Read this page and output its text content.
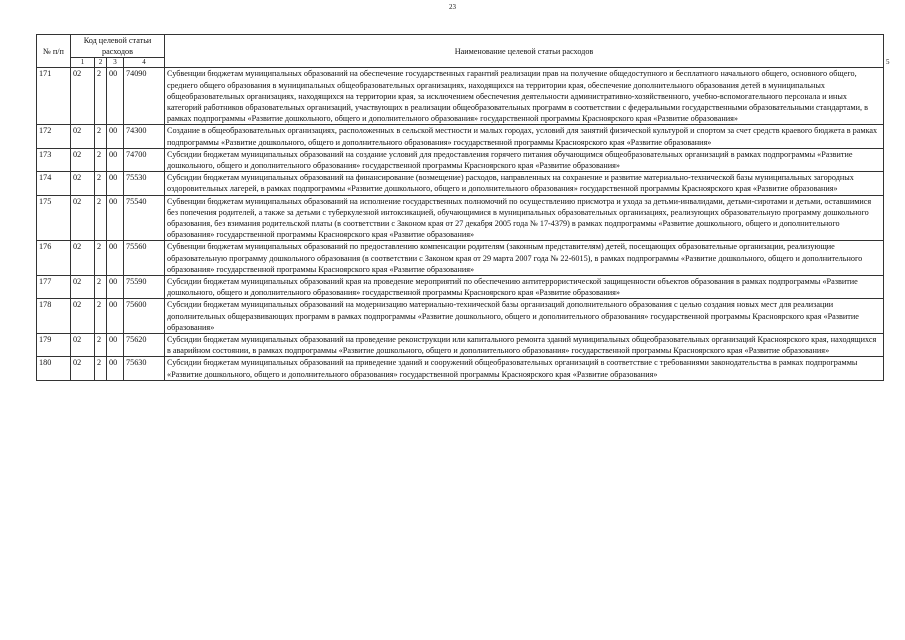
23
№ п/п	Код целевой статьи расходов				Наименование целевой статьи расходов	
	1	2	3	4		5
171	02	2	00	74090	Субвенции бюджетам муниципальных образований на обеспечение государственных гарантий реализации прав на получение общедоступного и бесплатного начального общего, основного общего, среднего общего образования в муниципальных общеобразовательных организациях, находящихся на территории края, обеспечение дополнительного образования детей в муниципальных общеобразовательных организациях, находящихся на территории края, за исключением обеспечения деятельности административно-хозяйственного, учебно-вспомогательного персонала и иных категорий работников образовательных организаций, участвующих в реализации общеобразовательных программ в соответствии с федеральными государственными образовательными стандартами, в рамках подпрограммы «Развитие дошкольного, общего и дополнительного образования» государственной программы Красноярского края «Развитие образования»	
172	02	2	00	74300	Создание в общеобразовательных организациях, расположенных в сельской местности и малых городах, условий для занятий физической культурой и спортом за счет средств краевого бюджета в рамках подпрограммы «Развитие дошкольного, общего и дополнительного образования» государственной программы Красноярского края «Развитие образования»	
173	02	2	00	74700	Субсидии бюджетам муниципальных образований на создание условий для предоставления горячего питания обучающимся общеобразовательных организаций в рамках подпрограммы «Развитие дошкольного, общего и дополнительного образования» государственной программы Красноярского края «Развитие образования»	
174	02	2	00	75530	Субсидии бюджетам муниципальных образований на финансирование (возмещение) расходов, направленных на сохранение и развитие материально-технической базы муниципальных загородных оздоровительных лагерей, в рамках подпрограммы «Развитие дошкольного, общего и дополнительного образования» государственной программы Красноярского края «Развитие образования»	
175	02	2	00	75540	Субвенции бюджетам муниципальных образований на исполнение государственных полномочий по осуществлению присмотра и ухода за детьми-инвалидами, детьми-сиротами и детьми, оставшимися без попечения родителей, а также за детьми с туберкулезной интоксикацией, обучающимися в муниципальных образовательных организациях, реализующих образовательную программу дошкольного образования, без взимания родительской платы (в соответствии с Законом края от 27 декабря 2005 года № 17-4379) в рамках подпрограммы «Развитие дошкольного, общего и дополнительного образования» государственной программы Красноярского края «Развитие образования»	
176	02	2	00	75560	Субвенции бюджетам муниципальных образований по предоставлению компенсации родителям (законным представителям) детей, посещающих образовательные организации, реализующие образовательную программу дошкольного образования (в соответствии с Законом края от 29 марта 2007 года № 22-6015), в рамках подпрограммы «Развитие дошкольного, общего и дополнительного образования» государственной программы Красноярского края «Развитие образования»	
177	02	2	00	75590	Субсидии бюджетам муниципальных образований края на проведение мероприятий по обеспечению антитеррористической защищенности объектов образования в рамках подпрограммы «Развитие дошкольного, общего и дополнительного образования» государственной программы Красноярского края «Развитие образования»	
178	02	2	00	75600	Субсидии бюджетам муниципальных образований на модернизацию материально-технической базы организаций дополнительного образования с целью создания новых мест для реализации дополнительных общеразвивающих программ в рамках подпрограммы «Развитие дошкольного, общего и дополнительного образования» государственной программы Красноярского края «Развитие образования»	
179	02	2	00	75620	Субсидии бюджетам муниципальных образований на проведение реконструкции или капитального ремонта зданий муниципальных общеобразовательных организаций Красноярского края, находящихся в аварийном состоянии, в рамках подпрограммы «Развитие дошкольного, общего и дополнительного образования» государственной программы Красноярского края «Развитие образования»	
180	02	2	00	75630	Субсидии бюджетам муниципальных образований на приведение зданий и сооружений общеобразовательных организаций в соответствие с требованиями законодательства в рамках подпрограммы «Развитие дошкольного, общего и дополнительного образования» государственной программы Красноярского края «Развитие образования»	
